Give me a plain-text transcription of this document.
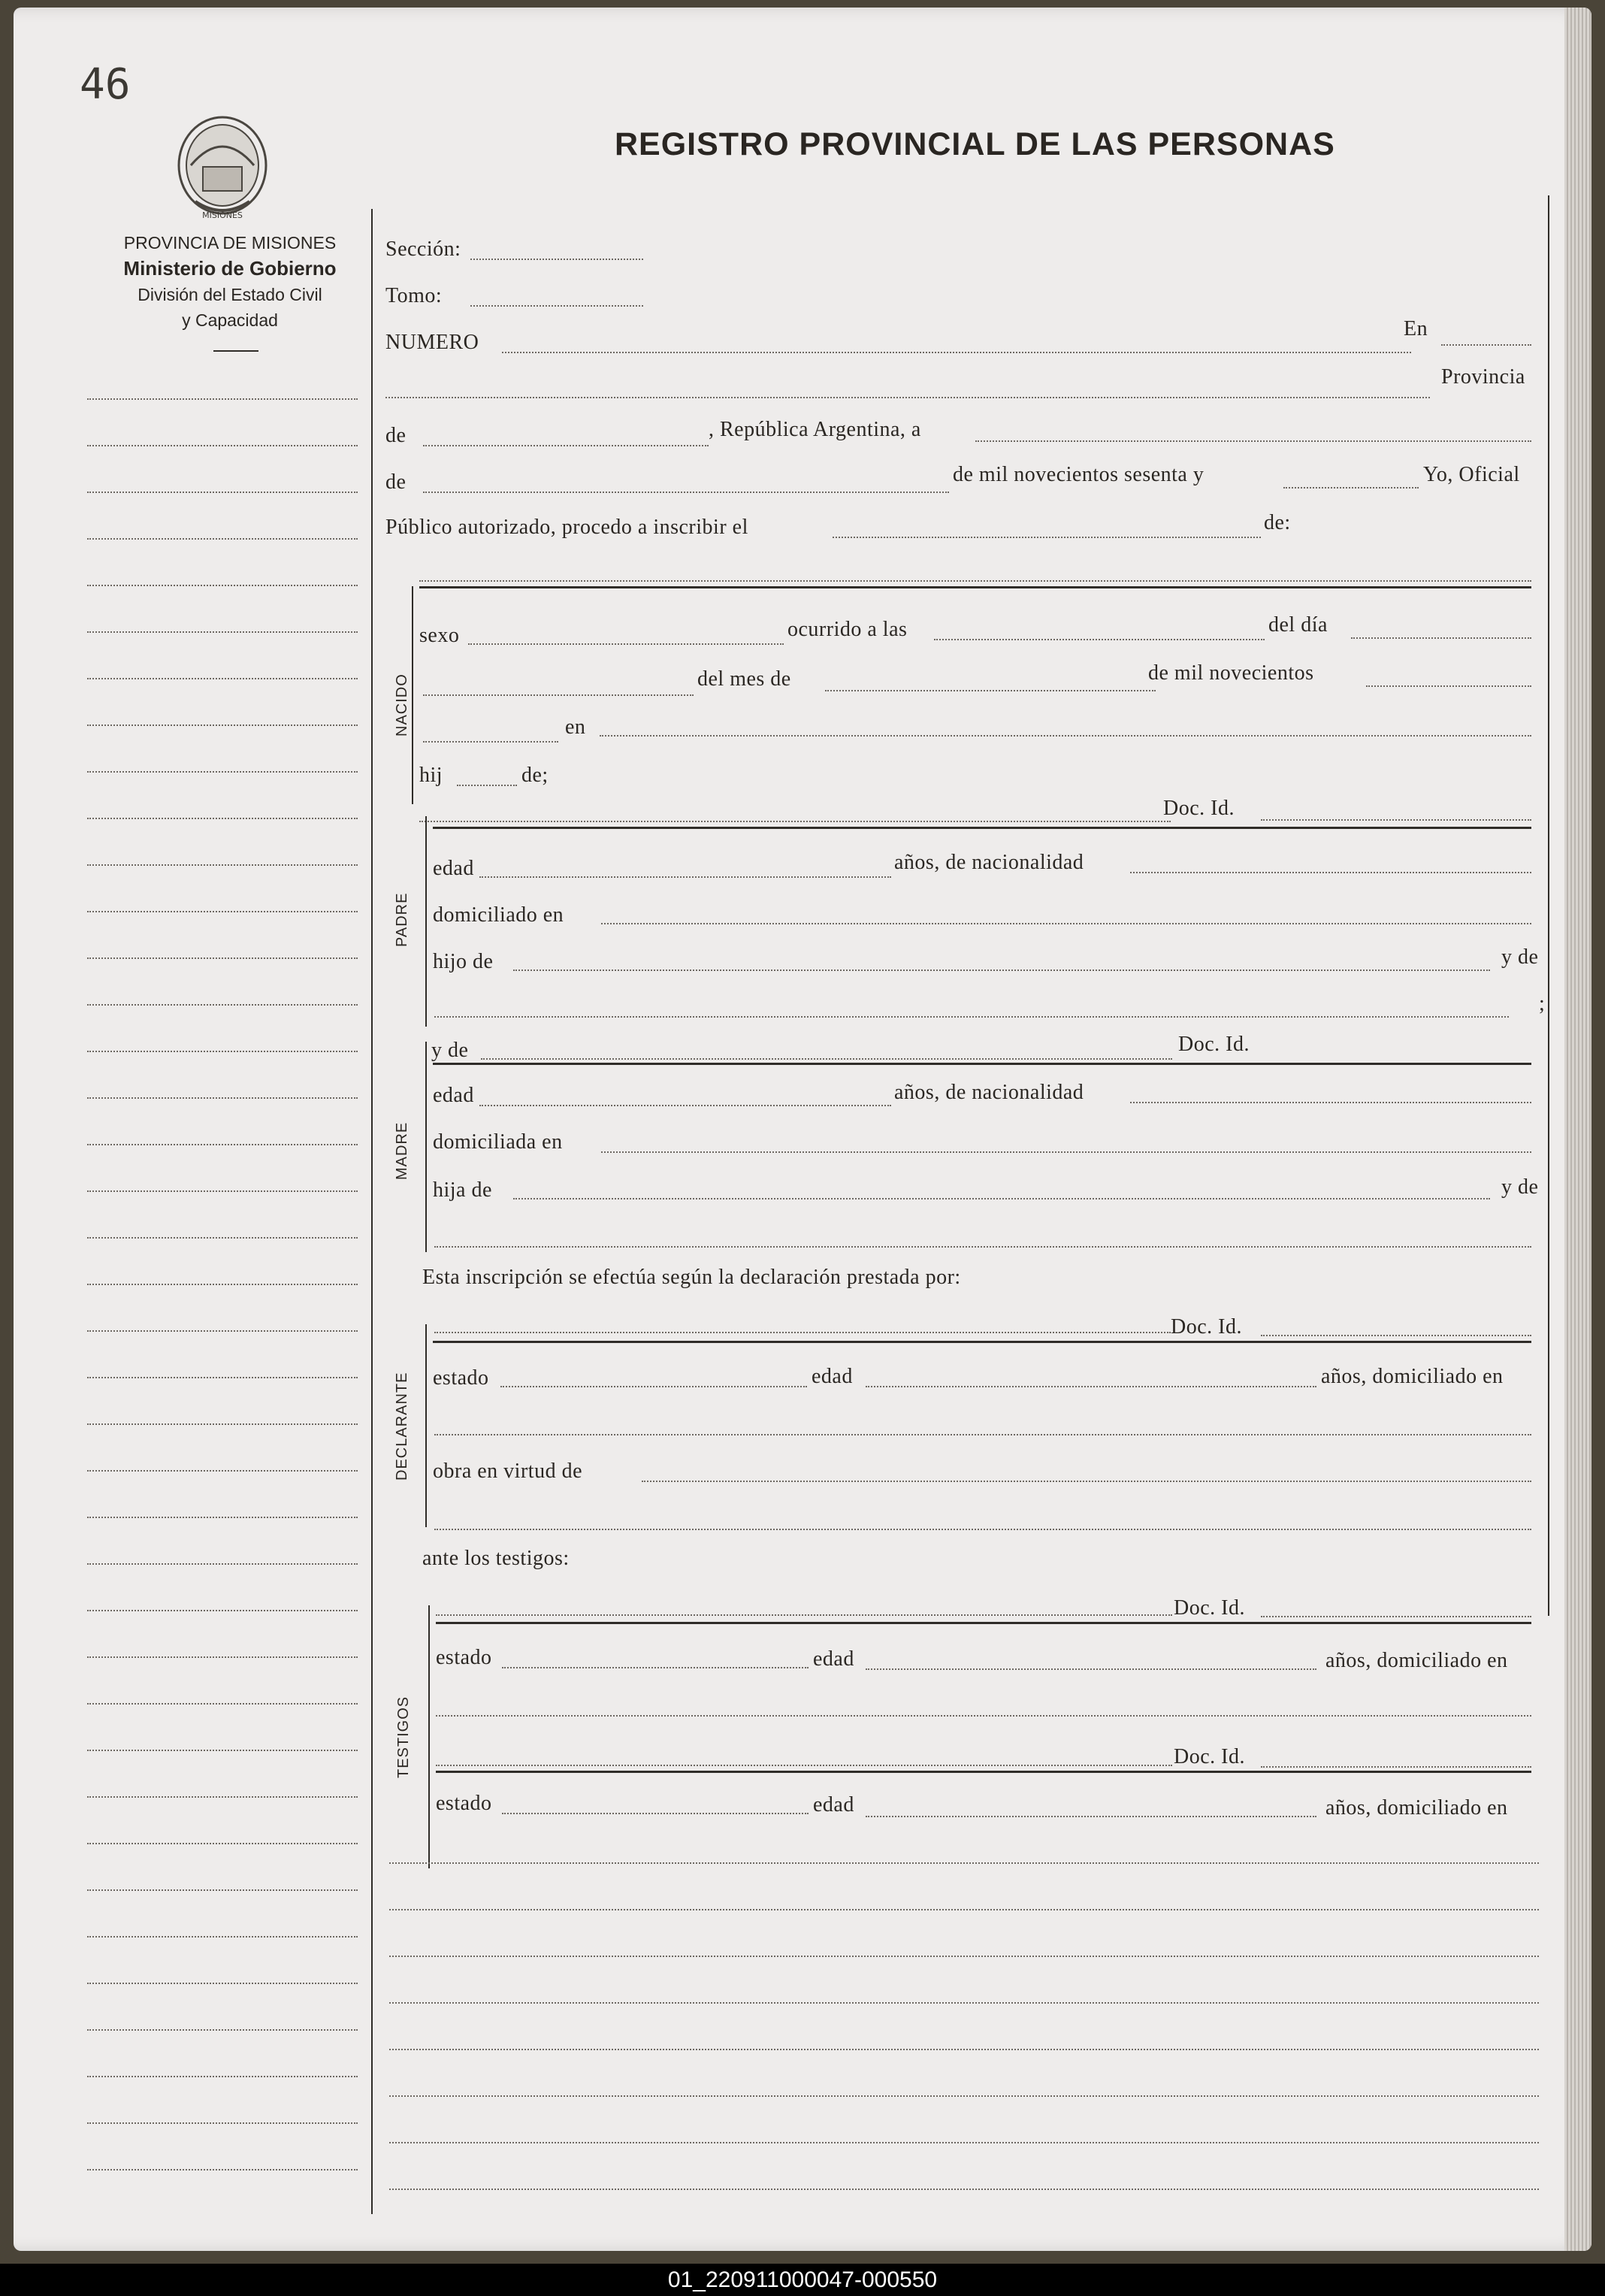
46
MISIONES
REGISTRO PROVINCIAL DE LAS PERSONAS
PROVINCIA DE MISIONES
Ministerio de Gobierno
División del Estado Civil
y Capacidad
Sección:
Tomo:
NUMERO
En
Provincia
de	, República Argentina, a
de	de mil novecientos sesenta y	Yo, Oficial
Público autorizado, procedo a inscribir el	de:
NACIDO
sexo	ocurrido a las	del día
del mes de	de mil novecientos
en
hij	de;
Doc. Id.
PADRE
edad	años, de nacionalidad
domiciliado en
hijo de	y de
;
y de	Doc. Id.
MADRE
edad	años, de nacionalidad
domiciliada en
hija de	y de
Esta inscripción se efectúa según la declaración prestada por:
Doc. Id.
DECLARANTE estado	edad	años, domiciliado en
obra en virtud de
ante los testigos:
Doc. Id.
TESTIGOS
estado	edad	años, domiciliado en
Doc. Id.
estado	edad	años, domiciliado en
01_220911000047-000550
